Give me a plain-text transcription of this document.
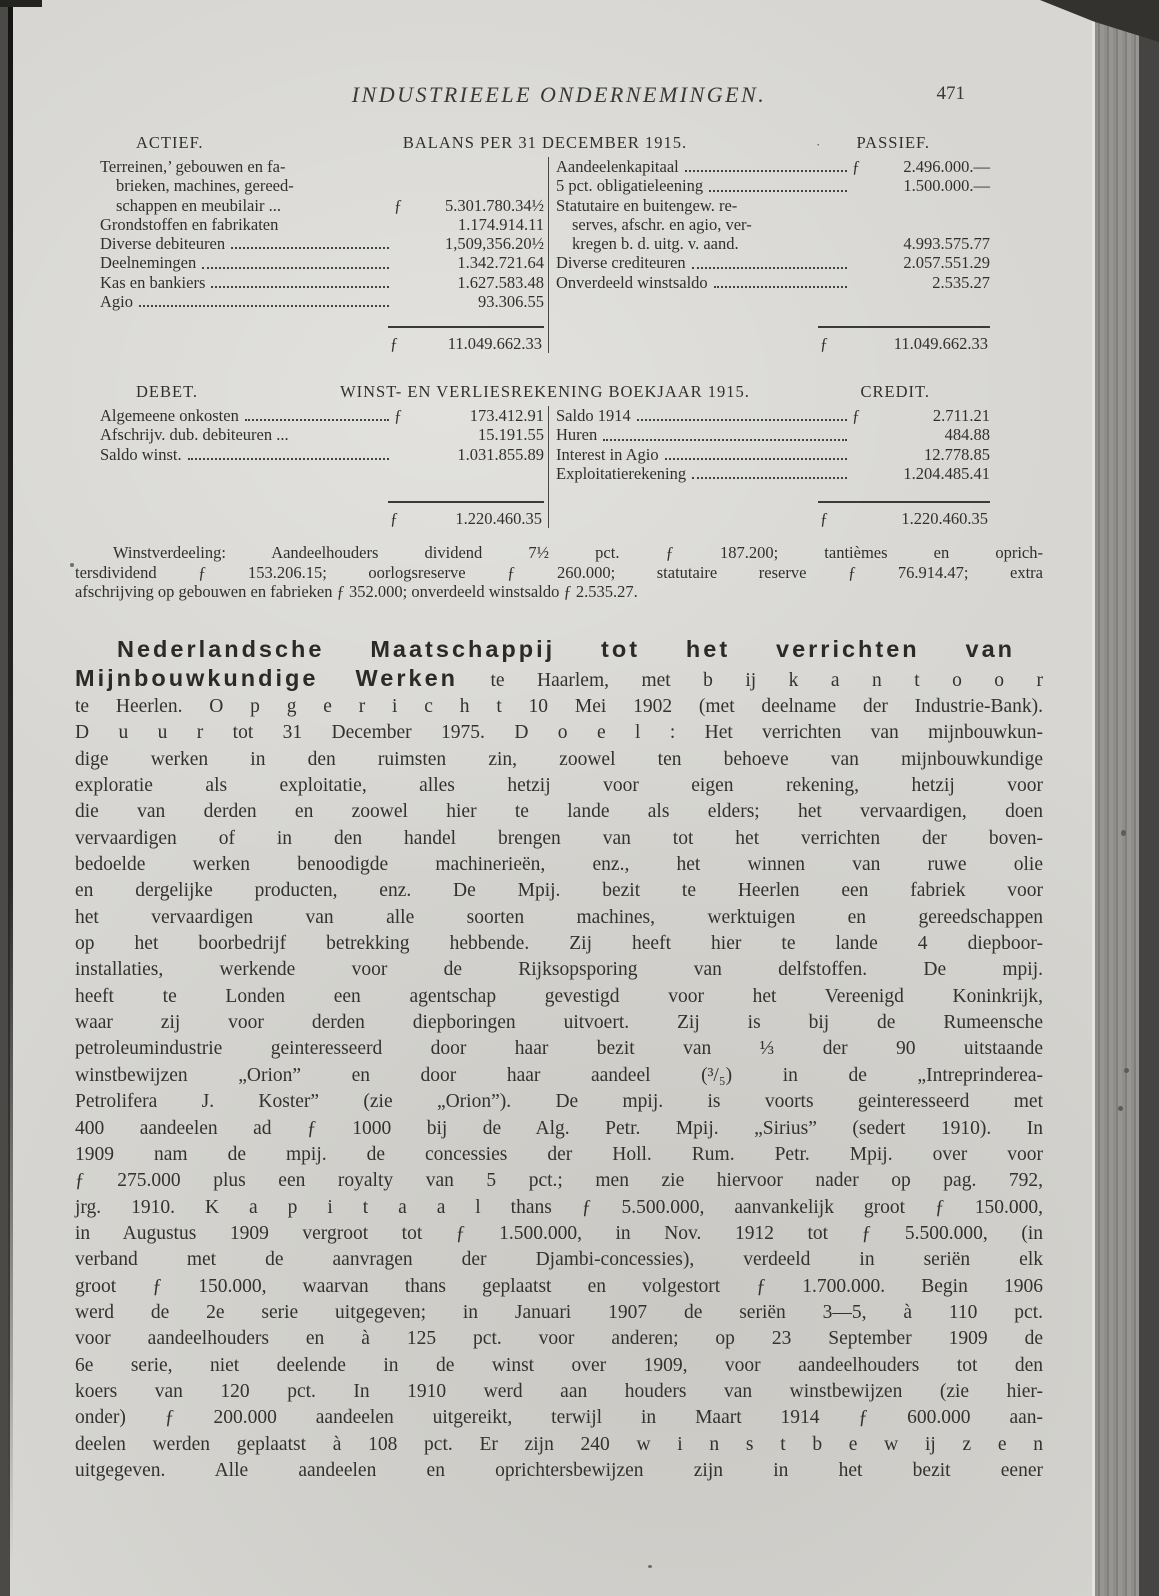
INDUSTRIEELE ONDERNEMINGEN.	471
ACTIEF.	BALANS PER 31 DECEMBER 1915.	· PASSIEF.
Terreinen,’ gebouwen en fa-
brieken, machines, gereed-
schappen en meubilair ...	ƒ	5.301.780.34½
Grondstoffen en fabrikaten	1.174.914.11
Diverse debiteuren	1,509,356.20½
Deelnemingen	1.342.721.64
Kas en bankiers	1.627.583.48
Agio	93.306.55
ƒ	11.049.662.33
Aandeelenkapitaal	ƒ	2.496.000.—
5 pct. obligatieleening	1.500.000.—
Statutaire en buitengew. re-
serves, afschr. en agio, ver-
kregen b. d. uitg. v. aand.	4.993.575.77
Diverse crediteuren	2.057.551.29
Onverdeeld winstsaldo	2.535.27
ƒ	11.049.662.33
DEBET.	WINST- EN VERLIESREKENING BOEKJAAR 1915.	CREDIT.
Algemeene onkosten	ƒ	173.412.91
Afschrijv. dub. debiteuren ...	15.191.55
Saldo winst.	1.031.855.89
ƒ	1.220.460.35
Saldo 1914	ƒ	2.711.21
Huren	484.88
Interest in Agio	12.778.85
Exploitatierekening	1.204.485.41
ƒ	1.220.460.35
Winstverdeeling: Aandeelhouders dividend 7½ pct. ƒ 187.200; tantièmes en oprich-
tersdividend ƒ 153.206.15; oorlogsreserve ƒ 260.000; statutaire reserve ƒ 76.914.47; extra
afschrijving op gebouwen en fabrieken ƒ 352.000; onverdeeld winstsaldo ƒ 2.535.27.
Nederlandsche Maatschappij tot het verrichten van
Mijnbouwkundige Werken te Haarlem, met b ij k a n t o o r
te Heerlen. O p g e r i c h t 10 Mei 1902 (met deelname der Industrie-Bank).
D u u r tot 31 December 1975. D o e l : Het verrichten van mijnbouwkun-
dige werken in den ruimsten zin, zoowel ten behoeve van mijnbouwkundige
exploratie als exploitatie, alles hetzij voor eigen rekening, hetzij voor
die van derden en zoowel hier te lande als elders; het vervaardigen, doen
vervaardigen of in den handel brengen van tot het verrichten der boven-
bedoelde werken benoodigde machinerieën, enz., het winnen van ruwe olie
en dergelijke producten, enz. De Mpij. bezit te Heerlen een fabriek voor
het vervaardigen van alle soorten machines, werktuigen en gereedschappen
op het boorbedrijf betrekking hebbende. Zij heeft hier te lande 4 diepboor-
installaties, werkende voor de Rijksopsporing van delfstoffen. De mpij.
heeft te Londen een agentschap gevestigd voor het Vereenigd Koninkrijk,
waar zij voor derden diepboringen uitvoert. Zij is bij de Rumeensche
petroleumindustrie geinteresseerd door haar bezit van ⅓ der 90 uitstaande
winstbewijzen „Orion” en door haar aandeel (³/₅) in de „Intreprinderea-
Petrolifera J. Koster” (zie „Orion”). De mpij. is voorts geinteresseerd met
400 aandeelen ad ƒ 1000 bij de Alg. Petr. Mpij. „Sirius” (sedert 1910). In
1909 nam de mpij. de concessies der Holl. Rum. Petr. Mpij. over voor
ƒ 275.000 plus een royalty van 5 pct.; men zie hiervoor nader op pag. 792,
jrg. 1910. K a p i t a a l thans ƒ 5.500.000, aanvankelijk groot ƒ 150.000,
in Augustus 1909 vergroot tot ƒ 1.500.000, in Nov. 1912 tot ƒ 5.500.000, (in
verband met de aanvragen der Djambi-concessies), verdeeld in seriën elk
groot ƒ 150.000, waarvan thans geplaatst en volgestort ƒ 1.700.000. Begin 1906
werd de 2e serie uitgegeven; in Januari 1907 de seriën 3—5, à 110 pct.
voor aandeelhouders en à 125 pct. voor anderen; op 23 September 1909 de
6e serie, niet deelende in de winst over 1909, voor aandeelhouders tot den
koers van 120 pct. In 1910 werd aan houders van winstbewijzen (zie hier-
onder) ƒ 200.000 aandeelen uitgereikt, terwijl in Maart 1914 ƒ 600.000 aan-
deelen werden geplaatst à 108 pct. Er zijn 240 w i n s t b e w ij z e n
uitgegeven. Alle aandeelen en oprichtersbewijzen zijn in het bezit eener
